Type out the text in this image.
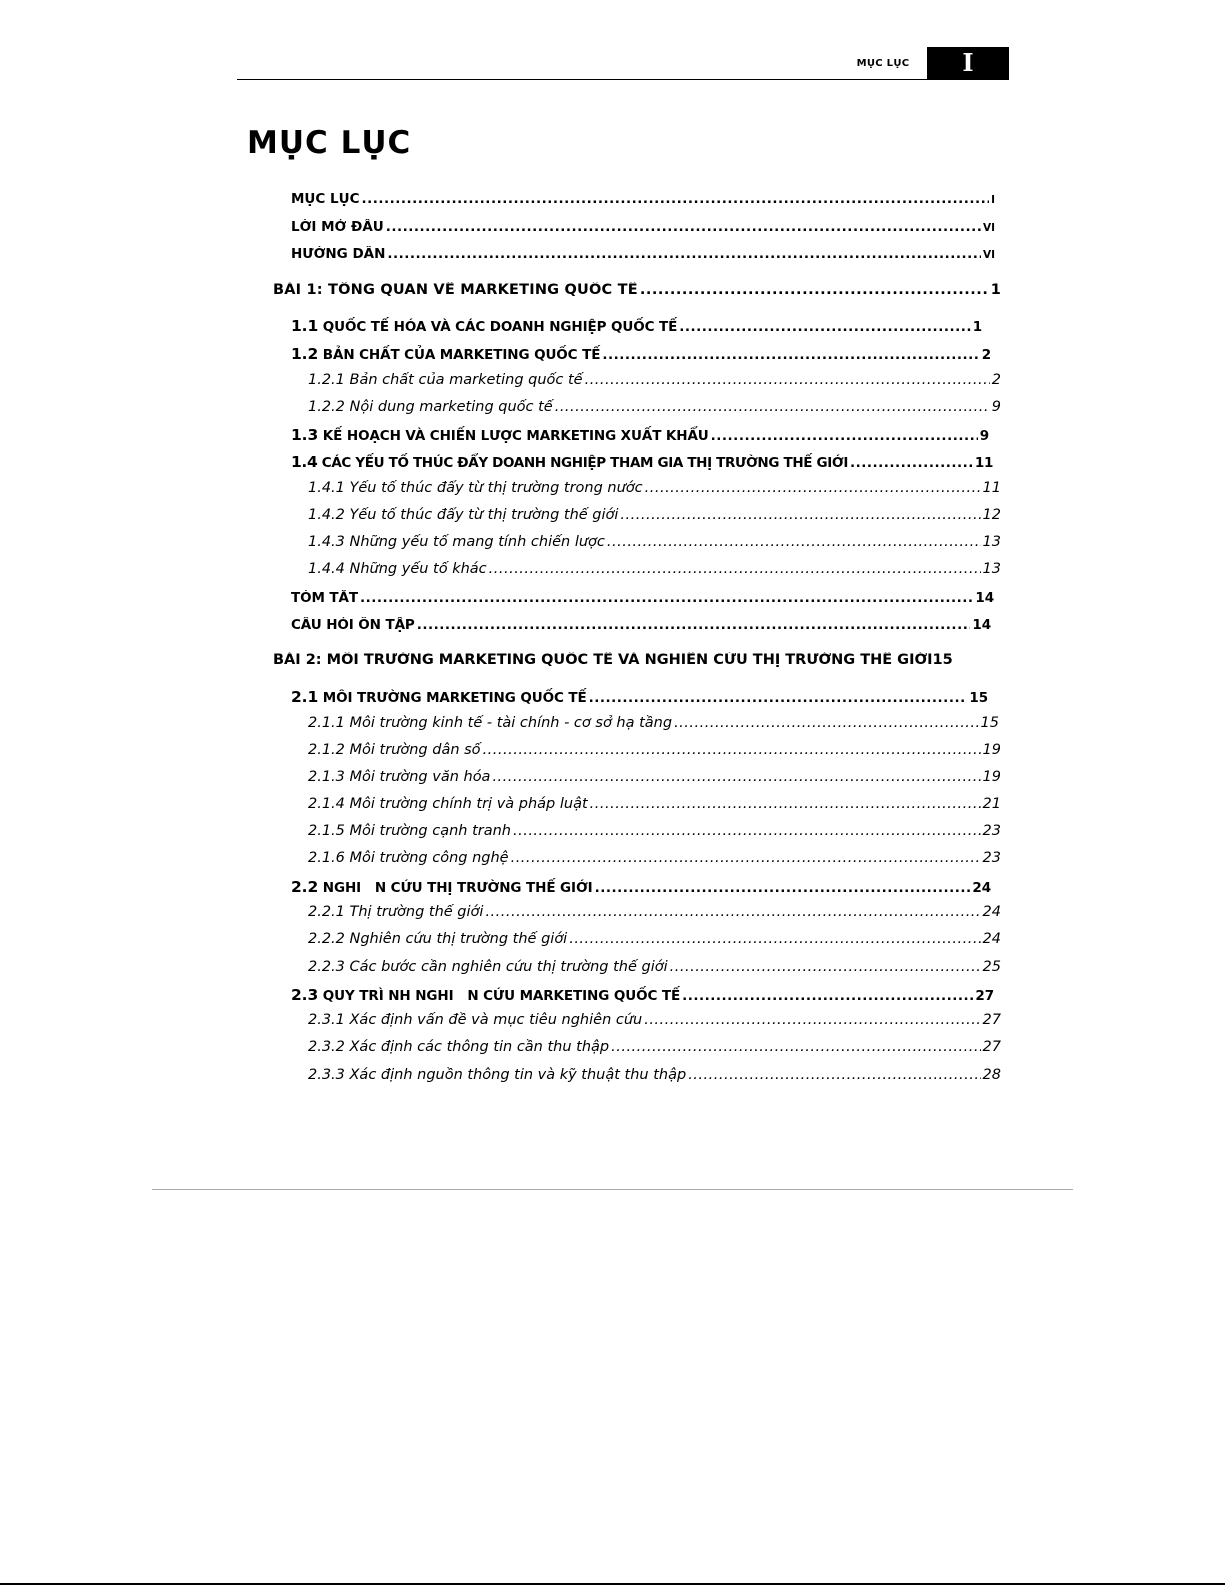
MỤC LỤC	I
MỤC LỤC
MỤC LỤC .....	I
LỜI MỞ ĐẦU .....	VI
HƯỚNG DẪN .....	VI
BÀI 1: TỔNG QUAN VỀ MARKETING QUỐC TẾ .....	1
1.1 QUỐC TẾ HÓA VÀ CÁC DOANH NGHIỆP QUỐC TẾ .....	1
1.2 BẢN CHẤT CỦA MARKETING QUỐC TẾ .....	2
1.2.1 Bản chất của marketing quốc tế .....	2
1.2.2 Nội dung marketing quốc tế .....	9
1.3 KẾ HOẠCH VÀ CHIẾN LƯỢC MARKETING XUẤT KHẨU .....	9
1.4 CÁC YẾU TỐ THÚC ĐẨY DOANH NGHIỆP THAM GIA THỊ TRƯỜNG THẾ GIỚI .....	11
1.4.1 Yếu tố thúc đẩy từ thị trường trong nước .....	11
1.4.2 Yếu tố thúc đẩy từ thị trường thế giới .....	12
1.4.3 Những yếu tố mang tính chiến lược .....	13
1.4.4 Những yếu tố khác .....	13
TÓM TẮT .....	14
CÂU HỎI ÔN TẬP .....	14
BÀI 2: MÔI TRƯỜNG MARKETING QUỐC TẾ VÀ NGHIÊN CỨU THỊ TRƯỜNG THẾ GIỚI 15
2.1 MÔI TRƯỜNG MARKETING QUỐC TẾ .....	15
2.1.1 Môi trường kinh tế - tài chính - cơ sở hạ tầng .....	15
2.1.2 Môi trường dân số .....	19
2.1.3 Môi trường văn hóa .....	19
2.1.4 Môi trường chính trị và pháp luật .....	21
2.1.5 Môi trường cạnh tranh .....	23
2.1.6 Môi trường công nghệ .....	23
2.2 NGHI   N CỨU THỊ TRƯỜNG THẾ GIỚI .....	24
2.2.1 Thị trường thế giới .....	24
2.2.2 Nghiên cứu thị trường thế giới .....	24
2.2.3 Các bước cần nghiên cứu thị trường thế giới .....	25
2.3 QUY TRÌ NH NGHI   N CỨU MARKETING QUỐC TẾ .....	27
2.3.1 Xác định vấn đề và mục tiêu nghiên cứu .....	27
2.3.2 Xác định các thông tin cần thu thập .....	27
2.3.3 Xác định nguồn thông tin và kỹ thuật thu thập .....	28
